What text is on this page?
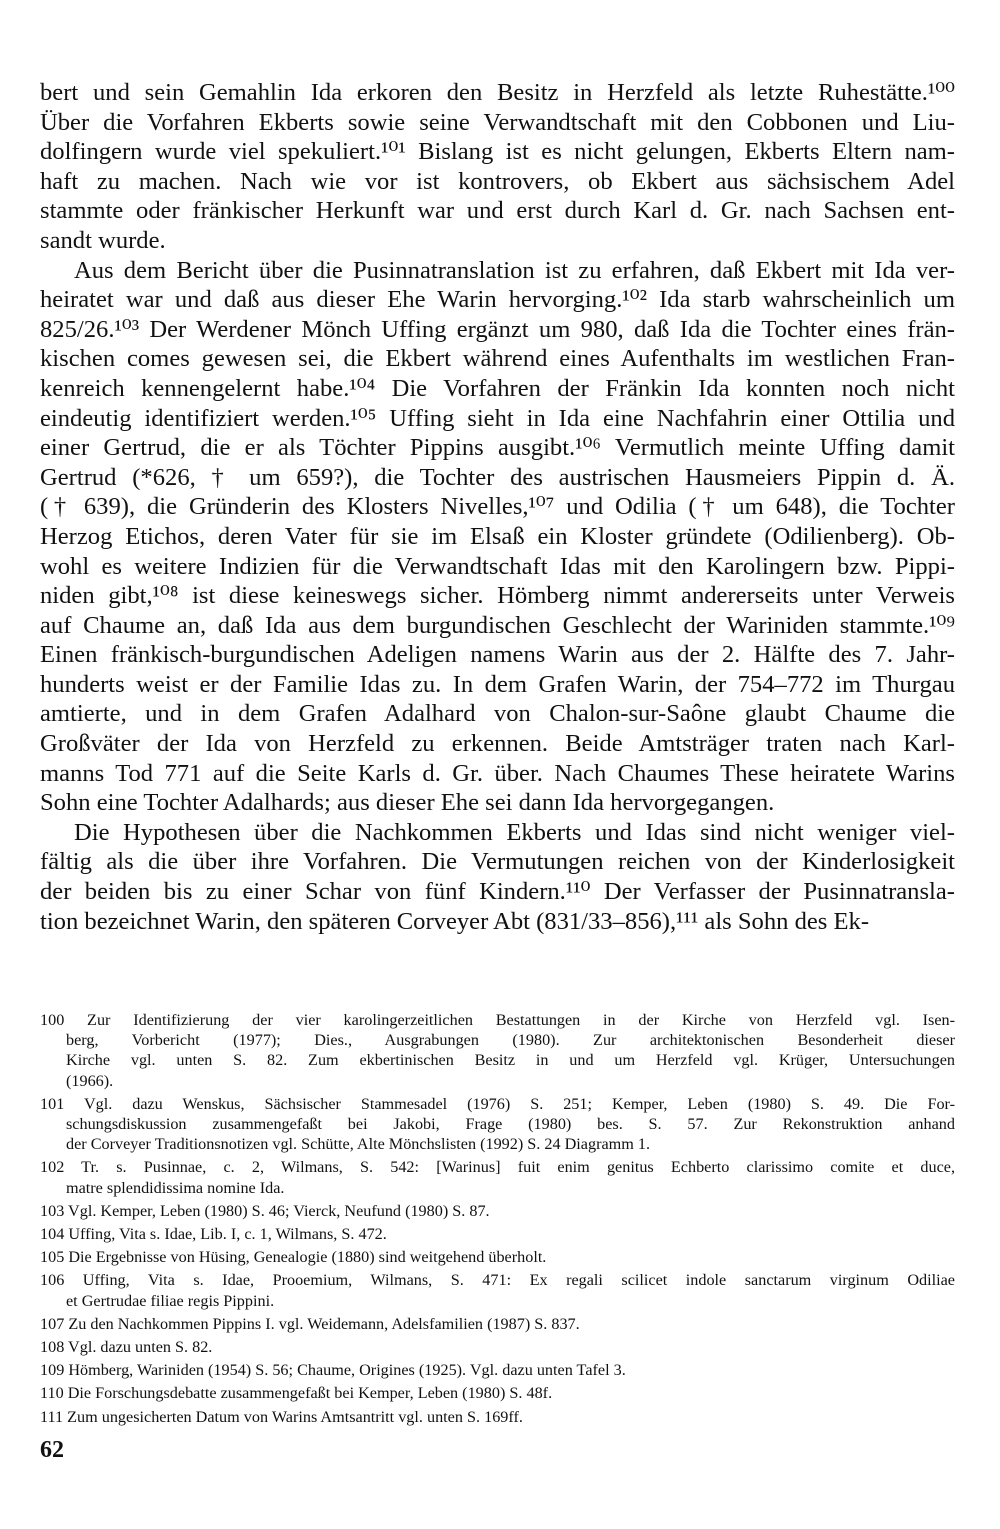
bert und sein Gemahlin Ida erkoren den Besitz in Herzfeld als letzte Ruhestätte.¹⁰⁰
Über die Vorfahren Ekberts sowie seine Verwandtschaft mit den Cobbonen und Liu-
dolfingern wurde viel spekuliert.¹⁰¹ Bislang ist es nicht gelungen, Ekberts Eltern nam-
haft zu machen. Nach wie vor ist kontrovers, ob Ekbert aus sächsischem Adel
stammte oder fränkischer Herkunft war und erst durch Karl d. Gr. nach Sachsen ent-
sandt wurde.
Aus dem Bericht über die Pusinnatranslation ist zu erfahren, daß Ekbert mit Ida ver-
heiratet war und daß aus dieser Ehe Warin hervorging.¹⁰² Ida starb wahrscheinlich um
825/26.¹⁰³ Der Werdener Mönch Uffing ergänzt um 980, daß Ida die Tochter eines frän-
kischen comes gewesen sei, die Ekbert während eines Aufenthalts im westlichen Fran-
kenreich kennengelernt habe.¹⁰⁴ Die Vorfahren der Fränkin Ida konnten noch nicht
eindeutig identifiziert werden.¹⁰⁵ Uffing sieht in Ida eine Nachfahrin einer Ottilia und
einer Gertrud, die er als Töchter Pippins ausgibt.¹⁰⁶ Vermutlich meinte Uffing damit
Gertrud (*626, † um 659?), die Tochter des austrischen Hausmeiers Pippin d. Ä.
(† 639), die Gründerin des Klosters Nivelles,¹⁰⁷ und Odilia († um 648), die Tochter
Herzog Etichos, deren Vater für sie im Elsaß ein Kloster gründete (Odilienberg). Ob-
wohl es weitere Indizien für die Verwandtschaft Idas mit den Karolingern bzw. Pippi-
niden gibt,¹⁰⁸ ist diese keineswegs sicher. Hömberg nimmt andererseits unter Verweis
auf Chaume an, daß Ida aus dem burgundischen Geschlecht der Wariniden stammte.¹⁰⁹
Einen fränkisch-burgundischen Adeligen namens Warin aus der 2. Hälfte des 7. Jahr-
hunderts weist er der Familie Idas zu. In dem Grafen Warin, der 754–772 im Thurgau
amtierte, und in dem Grafen Adalhard von Chalon-sur-Saône glaubt Chaume die
Großväter der Ida von Herzfeld zu erkennen. Beide Amtsträger traten nach Karl-
manns Tod 771 auf die Seite Karls d. Gr. über. Nach Chaumes These heiratete Warins
Sohn eine Tochter Adalhards; aus dieser Ehe sei dann Ida hervorgegangen.
Die Hypothesen über die Nachkommen Ekberts und Idas sind nicht weniger viel-
fältig als die über ihre Vorfahren. Die Vermutungen reichen von der Kinderlosigkeit
der beiden bis zu einer Schar von fünf Kindern.¹¹⁰ Der Verfasser der Pusinnatransla-
tion bezeichnet Warin, den späteren Corveyer Abt (831/33–856),¹¹¹ als Sohn des Ek-
100 Zur Identifizierung der vier karolingerzeitlichen Bestattungen in der Kirche von Herzfeld vgl. Isen-
berg, Vorbericht (1977); Dies., Ausgrabungen (1980). Zur architektonischen Besonderheit dieser
Kirche vgl. unten S. 82. Zum ekbertinischen Besitz in und um Herzfeld vgl. Krüger, Untersuchungen
(1966).
101 Vgl. dazu Wenskus, Sächsischer Stammesadel (1976) S. 251; Kemper, Leben (1980) S. 49. Die For-
schungsdiskussion zusammengefaßt bei Jakobi, Frage (1980) bes. S. 57. Zur Rekonstruktion anhand
der Corveyer Traditionsnotizen vgl. Schütte, Alte Mönchslisten (1992) S. 24 Diagramm 1.
102 Tr. s. Pusinnae, c. 2, Wilmans, S. 542: [Warinus] fuit enim genitus Echberto clarissimo comite et duce,
matre splendidissima nomine Ida.
103 Vgl. Kemper, Leben (1980) S. 46; Vierck, Neufund (1980) S. 87.
104 Uffing, Vita s. Idae, Lib. I, c. 1, Wilmans, S. 472.
105 Die Ergebnisse von Hüsing, Genealogie (1880) sind weitgehend überholt.
106 Uffing, Vita s. Idae, Prooemium, Wilmans, S. 471: Ex regali scilicet indole sanctarum virginum Odiliae
et Gertrudae filiae regis Pippini.
107 Zu den Nachkommen Pippins I. vgl. Weidemann, Adelsfamilien (1987) S. 837.
108 Vgl. dazu unten S. 82.
109 Hömberg, Wariniden (1954) S. 56; Chaume, Origines (1925). Vgl. dazu unten Tafel 3.
110 Die Forschungsdebatte zusammengefaßt bei Kemper, Leben (1980) S. 48f.
111 Zum ungesicherten Datum von Warins Amtsantritt vgl. unten S. 169ff.
62
